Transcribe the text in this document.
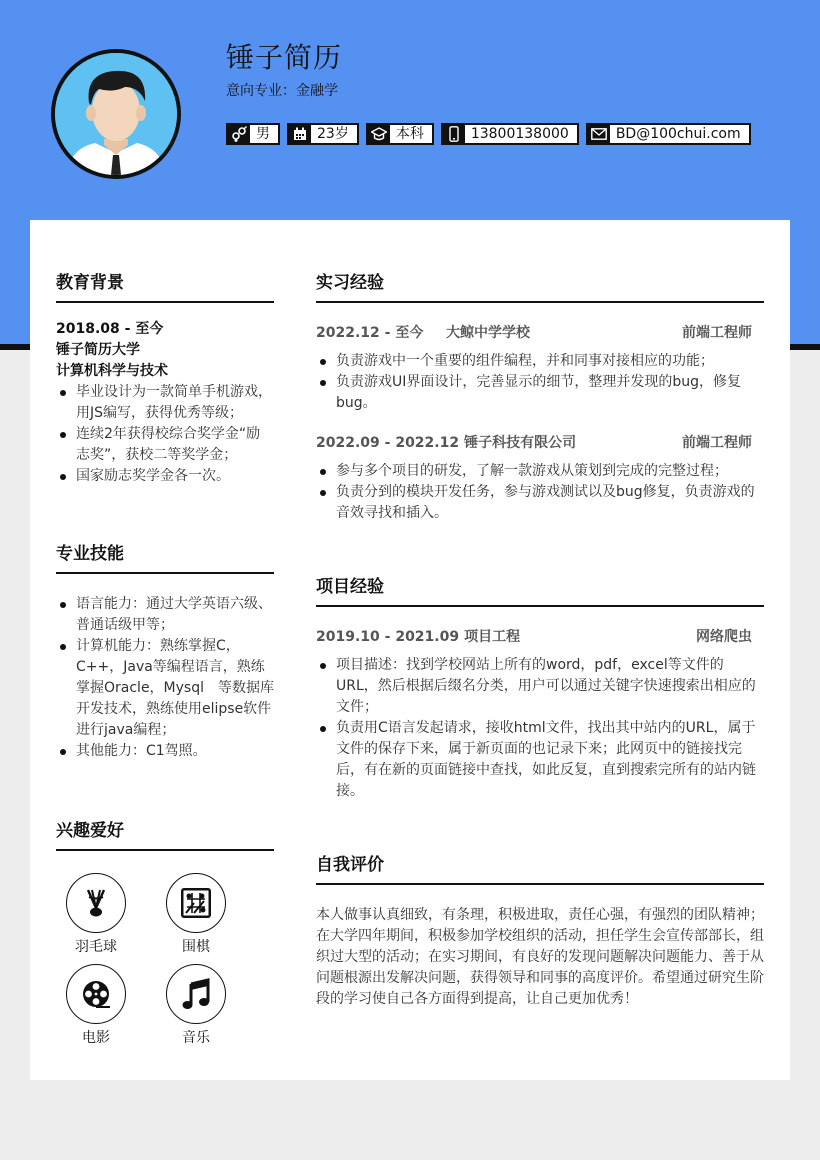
锤子简历
意向专业：金融学
男	23岁	本科	13800138000	BD@100chui.com
教育背景
2018.08 - 至今
锤子简历大学
计算机科学与技术
毕业设计为一款简单手机游戏，用JS编写，获得优秀等级；
连续2年获得校综合奖学金“励志奖”，获校二等奖学金；
国家励志奖学金各一次。
专业技能
语言能力：通过大学英语六级、普通话级甲等；
计算机能力：熟练掌握C，C++，Java等编程语言，熟练掌握Oracle，Mysql　等数据库开发技术，熟练使用elipse软件进行java编程；
其他能力：C1驾照。
兴趣爱好
羽毛球	围棋
电影	音乐
实习经验
2022.12 - 至今	大鲸中学学校	前端工程师
负责游戏中一个重要的组件编程，并和同事对接相应的功能；
负责游戏UI界面设计，完善显示的细节，整理并发现的bug，修复bug。
2022.09 - 2022.12 锤子科技有限公司	前端工程师
参与多个项目的研发，了解一款游戏从策划到完成的完整过程；
负责分到的模块开发任务，参与游戏测试以及bug修复，负责游戏的音效寻找和插入。
项目经验
2019.10 - 2021.09 项目工程	网络爬虫
项目描述：找到学校网站上所有的word，pdf，excel等文件的URL，然后根据后缀名分类，用户可以通过关键字快速搜索出相应的文件；
负责用C语言发起请求，接收html文件，找出其中站内的URL，属于文件的保存下来，属于新页面的也记录下来；此网页中的链接找完后，有在新的页面链接中查找，如此反复，直到搜索完所有的站内链接。
自我评价

本人做事认真细致，有条理，积极进取，责任心强，有强烈的团队精神；在大学四年期间，积极参加学校组织的活动，担任学生会宣传部部长，组织过大型的活动；在实习期间，有良好的发现问题解决问题能力、善于从问题根源出发解决问题，获得领导和同事的高度评价。希望通过研究生阶段的学习使自己各方面得到提高，让自己更加优秀！
